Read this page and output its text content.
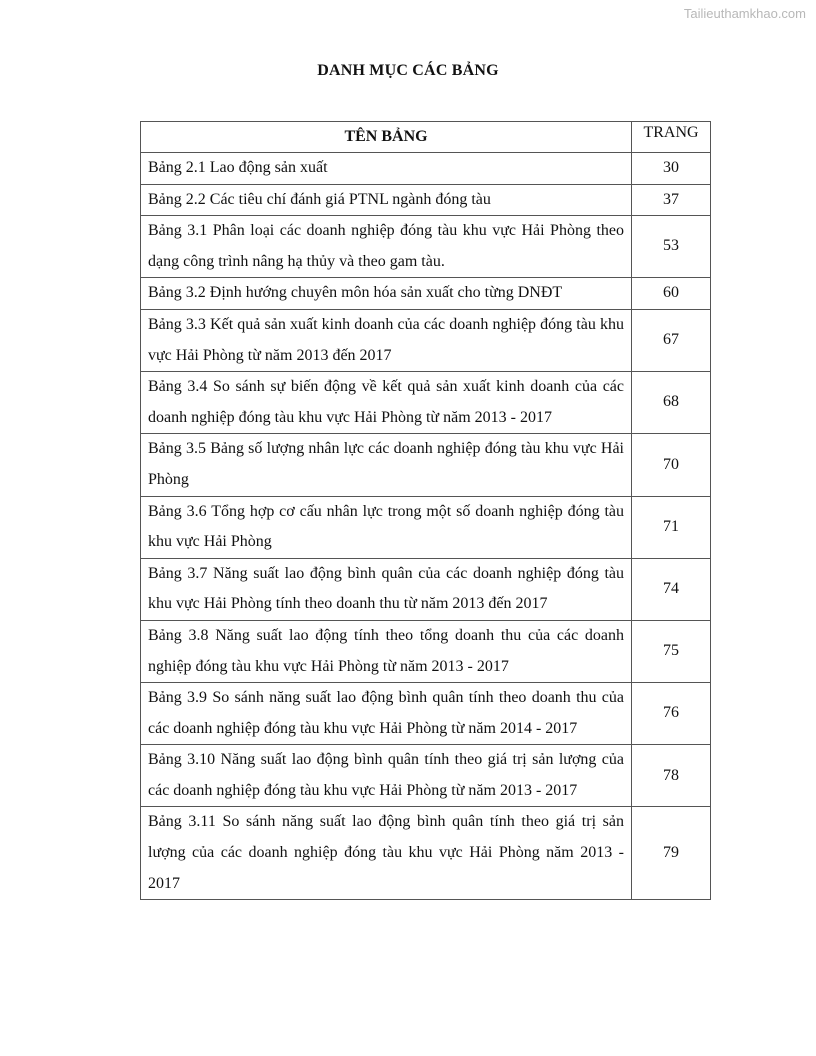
Tailieuthamkhao.com
DANH MỤC CÁC BẢNG
TÊN BẢNG	TRANG
Bảng 2.1 Lao động sản xuất	30
Bảng 2.2 Các tiêu chí đánh giá PTNL ngành đóng tàu	37
Bảng 3.1 Phân loại các doanh nghiệp đóng tàu khu vực Hải Phòng theo dạng công trình nâng hạ thủy và theo gam tàu.	53
Bảng 3.2 Định hướng chuyên môn hóa sản xuất cho từng DNĐT	60
Bảng 3.3 Kết quả sản xuất kinh doanh của các doanh nghiệp đóng tàu khu vực Hải Phòng từ năm 2013 đến 2017	67
Bảng 3.4 So sánh sự biến động về kết quả sản xuất kinh doanh của các doanh nghiệp đóng tàu khu vực Hải Phòng từ năm 2013 - 2017	68
Bảng 3.5 Bảng số lượng nhân lực các doanh nghiệp đóng tàu khu vực Hải Phòng	70
Bảng 3.6 Tổng hợp cơ cấu nhân lực trong một số doanh nghiệp đóng tàu khu vực Hải Phòng	71
Bảng 3.7 Năng suất lao động bình quân của các doanh nghiệp đóng tàu khu vực Hải Phòng tính theo doanh thu từ năm 2013 đến 2017	74
Bảng 3.8 Năng suất lao động tính theo tổng doanh thu của các doanh nghiệp đóng tàu khu vực Hải Phòng từ năm 2013 - 2017	75
Bảng 3.9 So sánh năng suất lao động bình quân tính theo doanh thu của các doanh nghiệp đóng tàu khu vực Hải Phòng từ năm 2014 - 2017	76
Bảng 3.10 Năng suất lao động bình quân tính theo giá trị sản lượng của các doanh nghiệp đóng tàu khu vực Hải Phòng từ năm 2013 - 2017	78
Bảng 3.11 So sánh năng suất lao động bình quân tính theo giá trị sản lượng của các doanh nghiệp đóng tàu khu vực Hải Phòng năm 2013 - 2017	79
